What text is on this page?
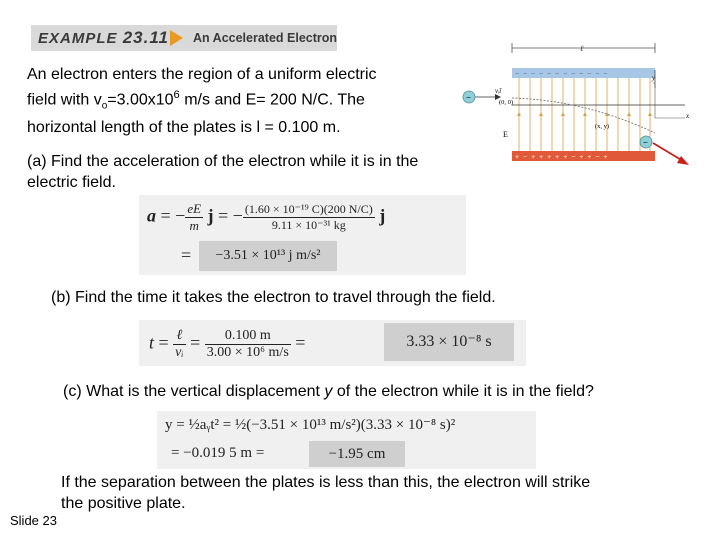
EXAMPLE 23.11 An Accelerated Electron
An electron enters the region of a uniform electric
field with $v_o=3.00x10^6$ m/s and E= 200 N/C. The
horizontal length of the plates is l = 0.100 m.
(a) Find the acceleration of the electron while it is in the electric field.
a = − $\frac{eE}{m}$ j = − $\frac{\text{(1.60 × 10⁻¹⁹ C)(200 N/C)}}{\text{9.11 × 10⁻³¹ kg}}$ j
=	−3.51 × 10¹³ j m/s²
(b) Find the time it takes the electron to travel through the field.
$t = \frac{\text{ℓ}}{\text{vᵢ}} = \frac{0.100 m}{\text{3.00 × 10⁶ m/s}}$ =	3.33 × 10⁻⁸ s
(c) What is the vertical displacement y of the electron while it is in the field?
y = ½aᵧt² = ½(−3.51 × 10¹³ m/s²)(3.33 × 10⁻⁸ s)²
= −0.019 5 m =	−1.95 cm
If the separation between the plates is less than this, the electron will strike the positive plate.
Slide 23
ℓ
− − − − − − − − − − − −
+ − + + + + + − + + − +
x
y
vᵢî
(0, 0)
(x, y)
E
−
−
